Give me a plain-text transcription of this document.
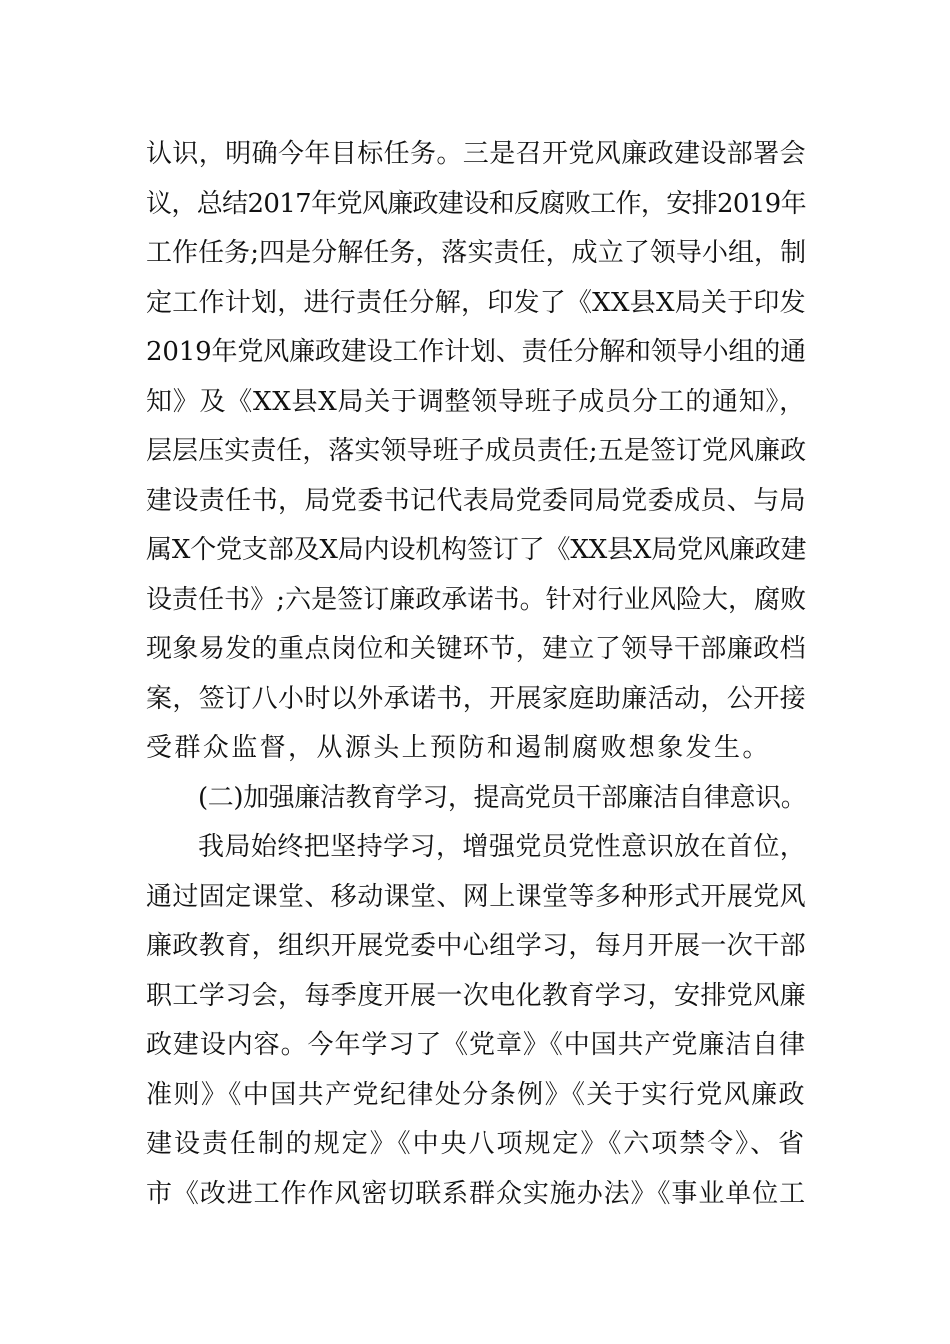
认识，明确今年目标任务。三是召开党风廉政建设部署会
议，总结2017年党风廉政建设和反腐败工作，安排2019年
工作任务;四是分解任务，落实责任，成立了领导小组，制
定工作计划，进行责任分解，印发了《XX县X局关于印发
2019年党风廉政建设工作计划、责任分解和领导小组的通
知》及《XX县X局关于调整领导班子成员分工的通知》，
层层压实责任，落实领导班子成员责任;五是签订党风廉政
建设责任书，局党委书记代表局党委同局党委成员、与局
属X个党支部及X局内设机构签订了《XX县X局党风廉政建
设责任书》;六是签订廉政承诺书。针对行业风险大，腐败
现象易发的重点岗位和关键环节，建立了领导干部廉政档
案，签订八小时以外承诺书，开展家庭助廉活动，公开接
受群众监督，从源头上预防和遏制腐败想象发生。
(二)加强廉洁教育学习，提高党员干部廉洁自律意识。
我局始终把坚持学习，增强党员党性意识放在首位，
通过固定课堂、移动课堂、网上课堂等多种形式开展党风
廉政教育，组织开展党委中心组学习，每月开展一次干部
职工学习会，每季度开展一次电化教育学习，安排党风廉
政建设内容。今年学习了《党章》《中国共产党廉洁自律
准则》《中国共产党纪律处分条例》《关于实行党风廉政
建设责任制的规定》《中央八项规定》《六项禁令》、省
市《改进工作作风密切联系群众实施办法》《事业单位工
